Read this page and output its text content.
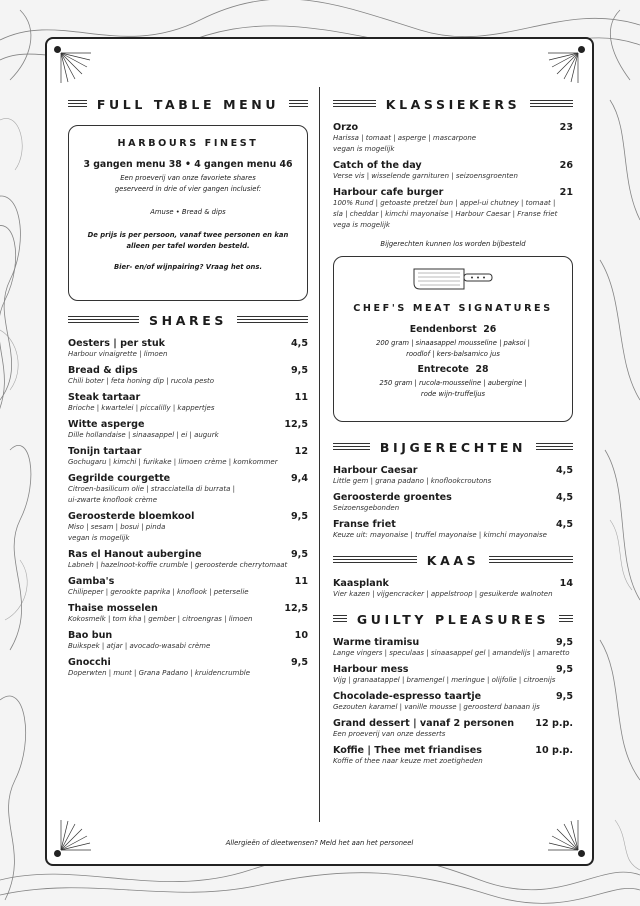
FULL TABLE MENU
HARBOURS FINEST
3 gangen menu 38 • 4 gangen menu 46
Een proeverij van onze favoriete shares
geserveerd in drie of vier gangen inclusief:
Amuse • Bread & dips
De prijs is per persoon, vanaf twee personen en kan alleen per tafel worden besteld.
Bier- en/of wijnpairing? Vraag het ons.
SHARES
Oesters | per stuk	4,5
Harbour vinaigrette | limoen
Bread & dips	9,5
Chili boter | feta honing dip | rucola pesto
Steak tartaar	11
Brioche | kwartelei | piccalilly | kappertjes
Witte asperge	12,5
Dille hollandaise | sinaasappel | ei | augurk
Tonijn tartaar	12
Gochugaru | kimchi | furikake | limoen crème | komkommer
Gegrilde courgette	9,4
Citroen-basilicum olie | stracciatella di burrata |
ui-zwarte knoflook crème
Geroosterde bloemkool	9,5
Miso | sesam | bosui | pinda
vegan is mogelijk
Ras el Hanout aubergine	9,5
Labneh | hazelnoot-koffie crumble | geroosterde cherrytomaat
Gamba's	11
Chilipeper | gerookte paprika | knoflook | peterselie
Thaise mosselen	12,5
Kokosmelk | tom kha | gember | citroengras | limoen
Bao bun	10
Buikspek | atjar | avocado-wasabi crème
Gnocchi	9,5
Doperwten | munt | Grana Padano | kruidencrumble
KLASSIEKERS
Orzo	23
Harissa | tomaat | asperge | mascarpone
vegan is mogelijk
Catch of the day	26
Verse vis | wisselende garnituren | seizoensgroenten
Harbour cafe burger	21
100% Rund | getoaste pretzel bun | appel-ui chutney | tomaat |
sla | cheddar | kimchi mayonaise | Harbour Caesar | Franse friet
vega is mogelijk
Bijgerechten kunnen los worden bijbesteld
CHEF'S MEAT SIGNATURES
Eendenborst 26
200 gram | sinaasappel mousseline | paksoi |
roodlof | kers-balsamico jus
Entrecote 28
250 gram | rucola-mousseline | aubergine |
rode wijn-truffeljus
BIJGERECHTEN
Harbour Caesar	4,5
Little gem | grana padano | knoflookcroutons
Geroosterde groentes	4,5
Seizoensgebonden
Franse friet	4,5
Keuze uit: mayonaise | truffel mayonaise | kimchi mayonaise
KAAS
Kaasplank	14
Vier kazen | vijgencracker | appelstroop | gesuikerde walnoten
GUILTY PLEASURES
Warme tiramisu	9,5
Lange vingers | speculaas | sinaasappel gel | amandelijs | amaretto
Harbour mess	9,5
Vijg | granaatappel | bramengel | meringue | olijfolie | citroenijs
Chocolade-espresso taartje	9,5
Gezouten karamel | vanille mousse | geroosterd banaan ijs
Grand dessert | vanaf 2 personen 12 p.p.
Een proeverij van onze desserts
Koffie | Thee met friandises	10 p.p.
Koffie of thee naar keuze met zoetigheden
Allergieën of dieetwensen? Meld het aan het personeel
